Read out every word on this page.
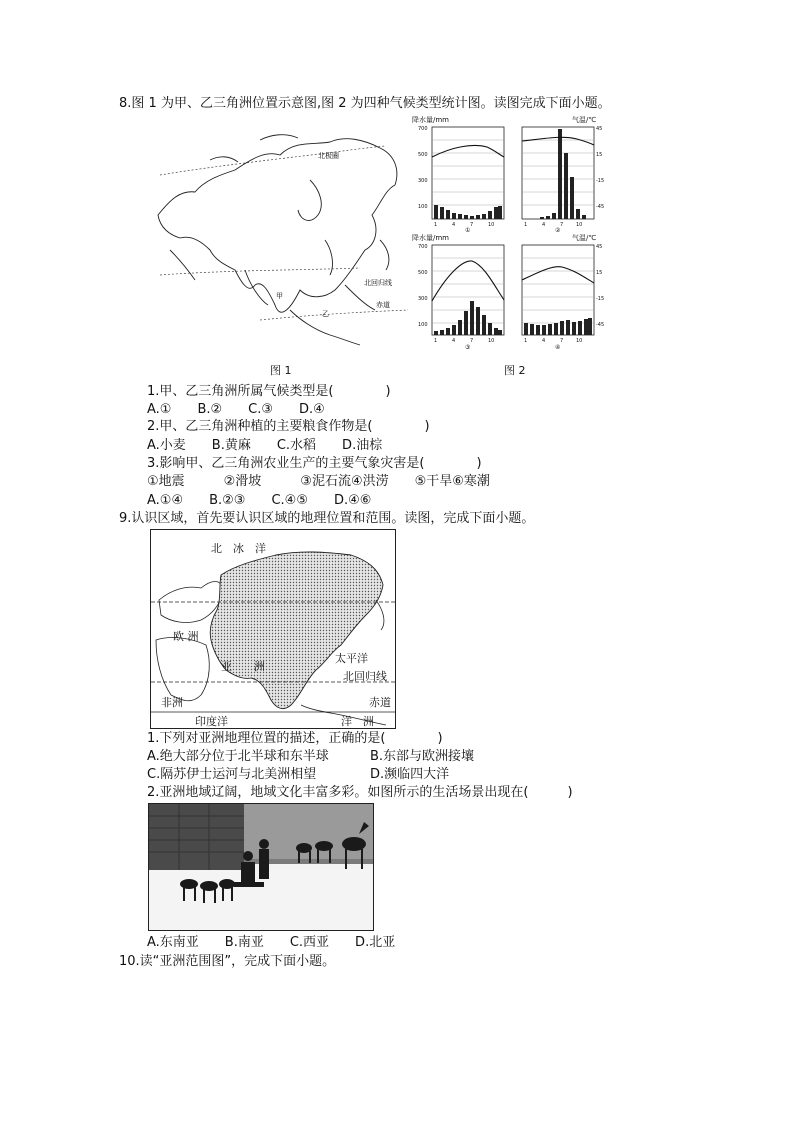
8.图 1 为甲、乙三角洲位置示意图,图 2 为四种气候类型统计图。读图完成下面小题。
北极圈
北回归线
赤道
甲
乙
图 1
降水量/mm	气温/℃
降水量/mm	气温/℃
700
500
300
100
45
15
-15
-45
700
500
300
100
45
15
-15
-45
1	4	7	10	1	4	7	10
1	4	7	10	1	4	7	10
①	②
③	④
图 2
1.甲、乙三角洲所属气候类型是(　　　　)
A.①　　B.②　　C.③　　D.④
2.甲、乙三角洲种植的主要粮食作物是(　　　　)
A.小麦　　B.黄麻　　C.水稻　　D.油棕
3.影响甲、乙三角洲农业生产的主要气象灾害是(　　　　)
①地震　　　②滑坡　　　③泥石流④洪涝　　⑤干旱⑥寒潮
A.①④　　B.②③　　C.④⑤　　D.④⑥
9.认识区域，首先要认识区域的地理位置和范围。读图，完成下面小题。
北　冰　洋
欧 洲
亚　　洲
太平洋
北回归线
非洲	赤道
印度洋	洋　洲
1.下列对亚洲地理位置的描述，正确的是(　　　　)
A.绝大部分位于北半球和东半球	B.东部与欧洲接壤
C.隔苏伊士运河与北美洲相望	D.濒临四大洋
2.亚洲地域辽阔，地域文化丰富多彩。如图所示的生活场景出现在(　　　)
A.东南亚　　B.南亚　　C.西亚　　D.北亚
10.读“亚洲范围图”，完成下面小题。
